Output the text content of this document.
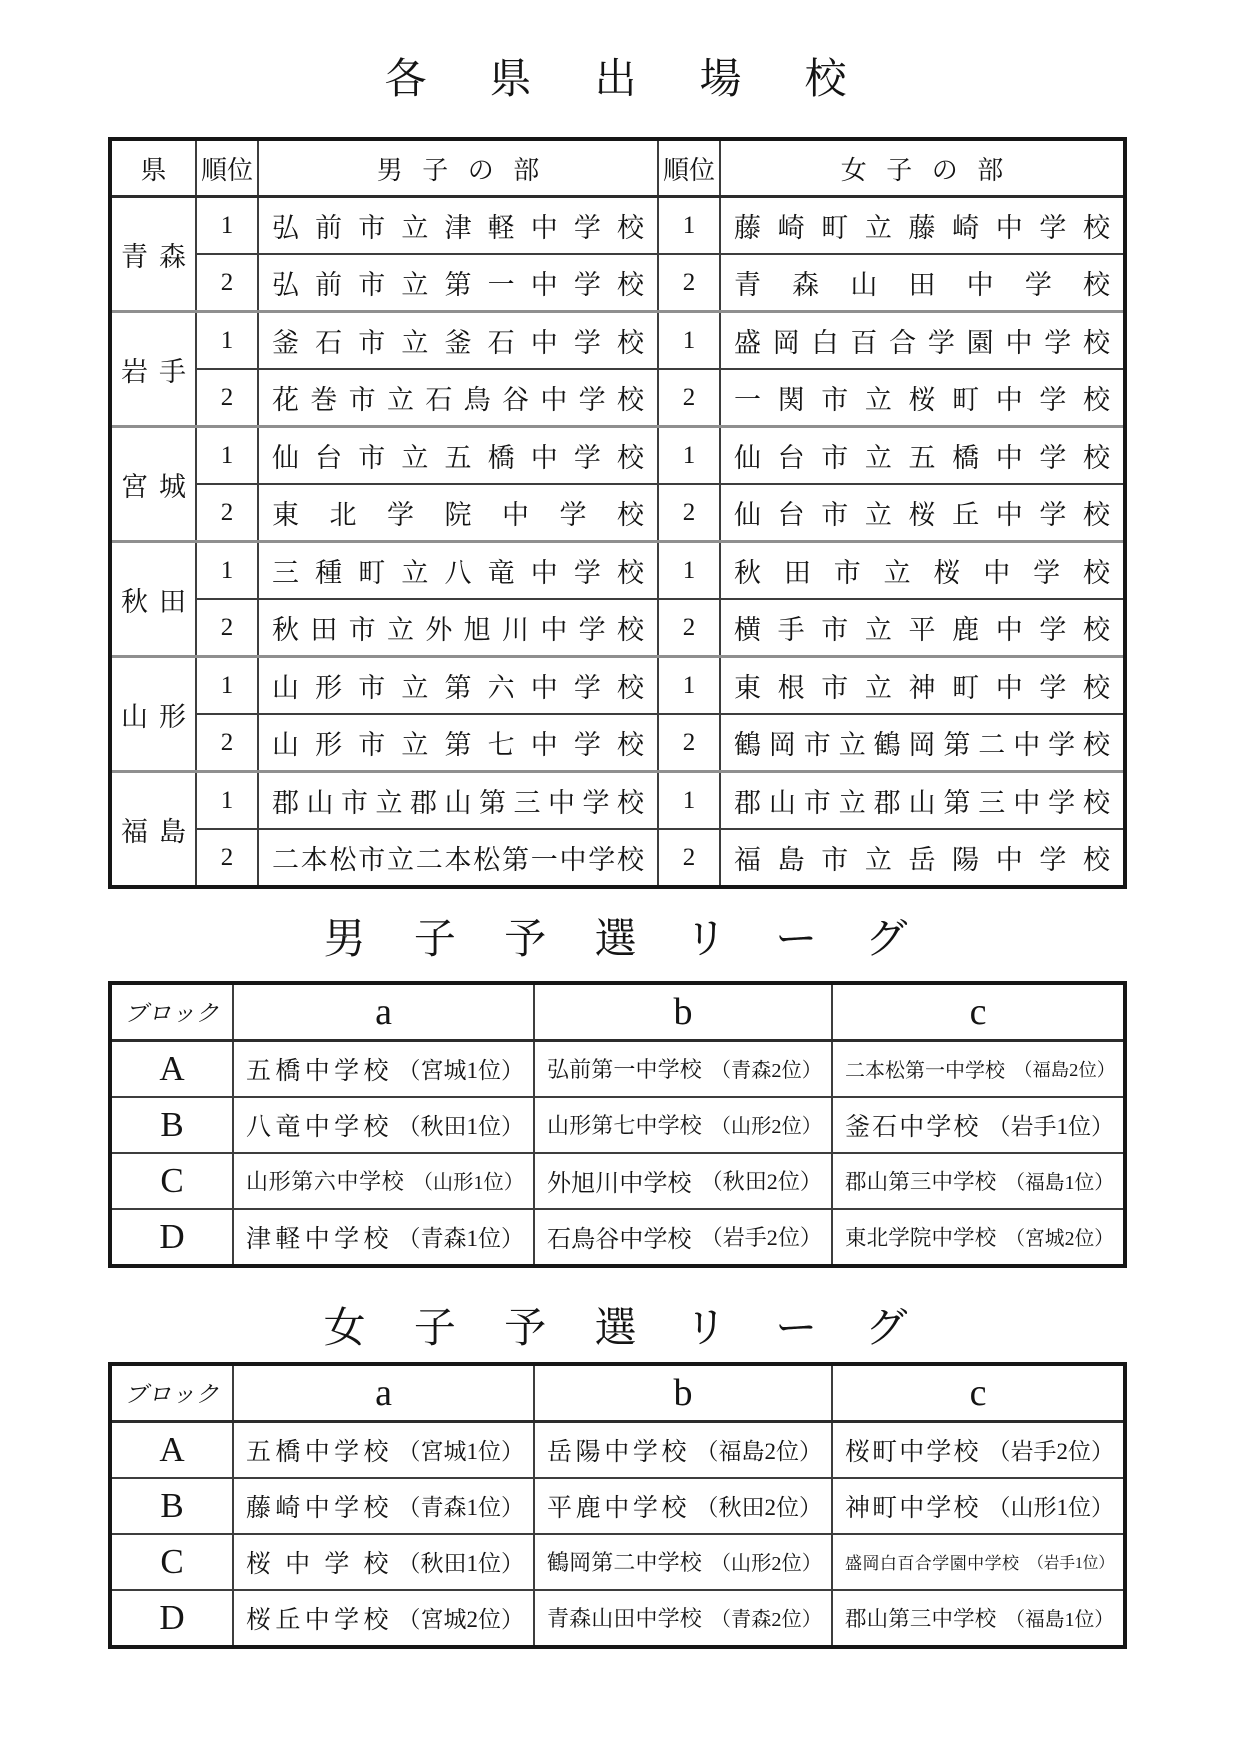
各県出場校
県	順位	男子の部	順位	女子の部

青森	1	弘前市立津軽中学校	1	藤崎町立藤崎中学校

	2	弘前市立第一中学校	2	青森山田中学校

岩手	1	釜石市立釜石中学校	1	盛岡白百合学園中学校

	2	花巻市立石鳥谷中学校	2	一関市立桜町中学校

宮城	1	仙台市立五橋中学校	1	仙台市立五橋中学校

	2	東北学院中学校	2	仙台市立桜丘中学校

秋田	1	三種町立八竜中学校	1	秋田市立桜中学校

	2	秋田市立外旭川中学校	2	横手市立平鹿中学校

山形	1	山形市立第六中学校	1	東根市立神町中学校

	2	山形市立第七中学校	2	鶴岡市立鶴岡第二中学校

福島	1	郡山市立郡山第三中学校	1	郡山市立郡山第三中学校

	2	二本松市立二本松第一中学校	2	福島市立岳陽中学校
男子予選リーグ
ブロック	a	b	c
A	五橋中学校 （宮城1位）	弘前第一中学校 （青森2位）	二本松第一中学校 （福島2位）

B	八竜中学校 （秋田1位）	山形第七中学校 （山形2位）	釜石中学校 （岩手1位）

C	山形第六中学校 （山形1位）	外旭川中学校 （秋田2位）	郡山第三中学校 （福島1位）

D	津軽中学校 （青森1位）	石鳥谷中学校 （岩手2位）	東北学院中学校 （宮城2位）
女子予選リーグ
ブロック	a	b	c
A	五橋中学校 （宮城1位）	岳陽中学校 （福島2位）	桜町中学校 （岩手2位）

B	藤崎中学校 （青森1位）	平鹿中学校 （秋田2位）	神町中学校 （山形1位）

C	桜中学校 （秋田1位）	鶴岡第二中学校 （山形2位）	盛岡白百合学園中学校 （岩手1位）

D	桜丘中学校 （宮城2位）	青森山田中学校 （青森2位）	郡山第三中学校 （福島1位）
